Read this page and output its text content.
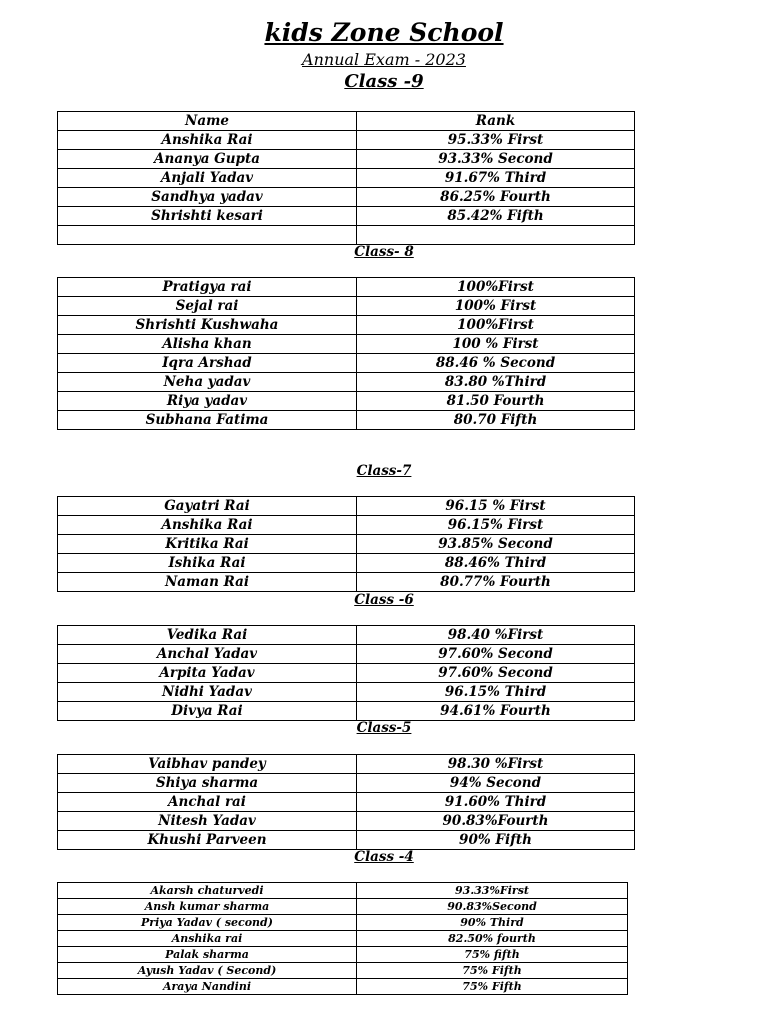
kids Zone School
Annual Exam - 2023
Class -9
Name	Rank
Anshika Rai	95.33% First
Ananya Gupta	93.33% Second
Anjali Yadav	91.67% Third
Sandhya yadav	86.25% Fourth
Shrishti kesari	85.42% Fifth

Class- 8
Pratigya rai	100%First
Sejal rai	100% First
Shrishti Kushwaha	100%First
Alisha khan	100 % First
Iqra Arshad	88.46 % Second
Neha yadav	83.80 %Third
Riya yadav	81.50 Fourth
Subhana Fatima	80.70 Fifth
Class-7
Gayatri Rai	96.15 % First
Anshika Rai	96.15% First
Kritika Rai	93.85% Second
Ishika Rai	88.46% Third
Naman Rai	80.77% Fourth
Class -6
Vedika Rai	98.40 %First
Anchal Yadav	97.60% Second
Arpita Yadav	97.60% Second
Nidhi Yadav	96.15% Third
Divya Rai	94.61% Fourth
Class-5
Vaibhav pandey	98.30 %First
Shiya sharma	94% Second
Anchal rai	91.60% Third
Nitesh Yadav	90.83%Fourth
Khushi Parveen	90% Fifth
Class -4
Akarsh chaturvedi	93.33%First
Ansh kumar sharma	90.83%Second
Priya Yadav ( second)	90% Third
Anshika rai	82.50% fourth
Palak sharma	75% fifth
Ayush Yadav ( Second)	75% Fifth
Araya Nandini	75% Fifth
